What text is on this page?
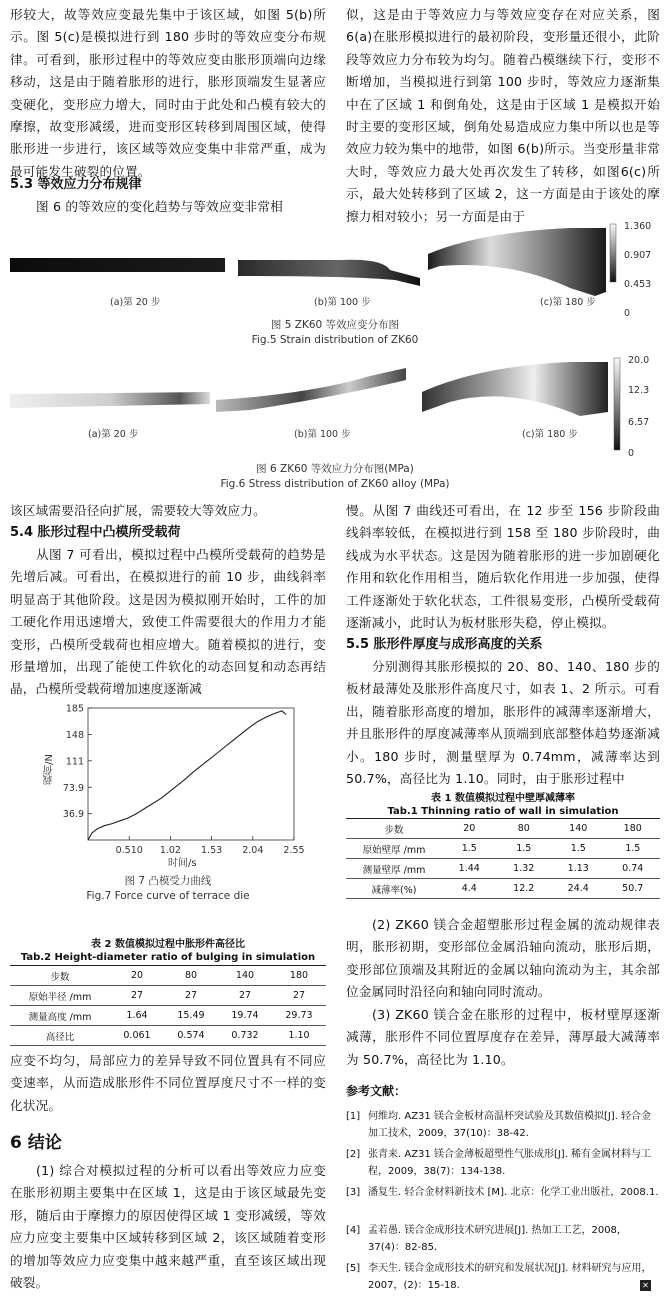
形较大，故等效应变最先集中于该区域，如图 5(b)所示。图 5(c)是模拟进行到 180 步时的等效应变分布规律。可看到，胀形过程中的等效应变由胀形顶端向边缘移动，这是由于随着胀形的进行，胀形顶端发生显著应变硬化，变形应力增大，同时由于此处和凸模有较大的摩擦，故变形减缓，进而变形区转移到周围区域，使得胀形进一步进行，该区域等效应变集中非常严重，成为最可能发生破裂的位置。
5.3 等效应力分布规律
图 6 的等效应的变化趋势与等效应变非常相
似，这是由于等效应力与等效应变存在对应关系，图 6(a)在胀形模拟进行的最初阶段，变形量还很小，此阶段等效应力分布较为均匀。随着凸模继续下行，变形不断增加，当模拟进行到第 100 步时，等效应力逐渐集中在了区域 1 和倒角处，这是由于区域 1 是模拟开始时主要的变形区域，倒角处易造成应力集中所以也是等效应力较为集中的地带，如图 6(b)所示。当变形量非常大时，等效应力最大处再次发生了转移，如图6(c)所示，最大处转移到了区域 2，这一方面是由于该处的摩擦力相对较小；另一方面是由于
1.360
0.907
0.453
0
(a)第 20 步	(b)第 100 步	(c)第 180 步
图 5 ZK60 等效应变分布图
Fig.5 Strain distribution of ZK60
20.0
12.3
6.57
0
(a)第 20 步	(b)第 100 步	(c)第 180 步
图 6 ZK60 等效应力分布图(MPa)
Fig.6 Stress distribution of ZK60 alloy (MPa)
该区域需要沿径向扩展，需要较大等效应力。
5.4 胀形过程中凸模所受载荷
从图 7 可看出，模拟过程中凸模所受载荷的趋势是先增后减。可看出，在模拟进行的前 10 步，曲线斜率明显高于其他阶段。这是因为模拟刚开始时，工件的加工硬化作用迅速增大，致使工件需要很大的作用力才能变形，凸模所受载荷也相应增大。随着模拟的进行，变形量增加，出现了能使工件软化的动态回复和动态再结晶，凸模所受载荷增加速度逐渐减
慢。从图 7 曲线还可看出，在 12 步至 156 步阶段曲线斜率较低，在模拟进行到 158 至 180 步阶段时，曲线成为水平状态。这是因为随着胀形的进一步加剧硬化作用和软化作用相当，随后软化作用进一步加强，使得工件逐渐处于软化状态，工件很易变形，凸模所受载荷逐渐减小，此时认为板材胀形失稳，停止模拟。
5.5 胀形件厚度与成形高度的关系
分别测得其胀形模拟的 20、80、140、180 步的板材最薄处及胀形件高度尺寸，如表 1、2 所示。可看出，随着胀形高度的增加，胀形件的减薄率逐渐增大，并且胀形件的厚度减薄率从顶端到底部整体趋势逐渐减小。180 步时，测量壁厚为 0.74mm，减薄率达到 50.7%，高径比为 1.10。同时，由于胀形过程中
36.9
73.9
111
148
185
0.510 1.02 1.53 2.04 2.55
载荷/N
时间/s
图 7 凸模受力曲线
Fig.7 Force curve of terrace die
表 1 数值模拟过程中壁厚减薄率
Tab.1 Thinning ratio of wall in simulation
步数	20	80	140	180
原始壁厚 /mm	1.5	1.5	1.5	1.5
测量壁厚 /mm	1.44	1.32	1.13	0.74
减薄率(%)	4.4	12.2	24.4	50.7
表 2 数值模拟过程中胀形件高径比
Tab.2 Height-diameter ratio of bulging in simulation
步数	20	80	140	180
原始半径 /mm	27	27	27	27
测量高度 /mm	1.64	15.49	19.74	29.73
高径比	0.061	0.574	0.732	1.10
应变不均匀，局部应力的差异导致不同位置具有不同应变速率，从而造成胀形件不同位置厚度尺寸不一样的变化状况。
6 结论
(1) 综合对模拟过程的分析可以看出等效应力应变在胀形初期主要集中在区域 1，这是由于该区域最先变形，随后由于摩擦力的原因使得区域 1 变形减缓，等效应力应变主要集中区域转移到区域 2，该区域随着变形的增加等效应力应变集中越来越严重，直至该区域出现破裂。
(2) ZK60 镁合金超塑胀形过程金属的流动规律表明，胀形初期，变形部位金属沿轴向流动，胀形后期，变形部位顶端及其附近的金属以轴向流动为主，其余部位金属同时沿径向和轴向同时流动。
(3) ZK60 镁合金在胀形的过程中，板材壁厚逐渐减薄，胀形件不同位置厚度存在差异，薄厚最大减薄率为 50.7%，高径比为 1.10。
参考文献：
[1] 何维均. AZ31 镁合金板材高温杯突试验及其数值模拟[J]. 轻合金加工技术，2009，37(10)：38-42.
[2] 张青来. AZ31 镁合金薄板超塑性气胀成形[J]. 稀有金属材料与工程，2009，38(7)：134-138.
[3] 潘复生. 轻合金材料新技术 [M]. 北京：化学工业出版社，2008.1.
[4] 孟若愚. 镁合金成形技术研究进展[J]. 热加工工艺，2008，37(4)：82-85.
[5] 李天生. 镁合金成形技术的研究和发展状况[J]. 材料研究与应用，2007，(2)：15-18.	✕
